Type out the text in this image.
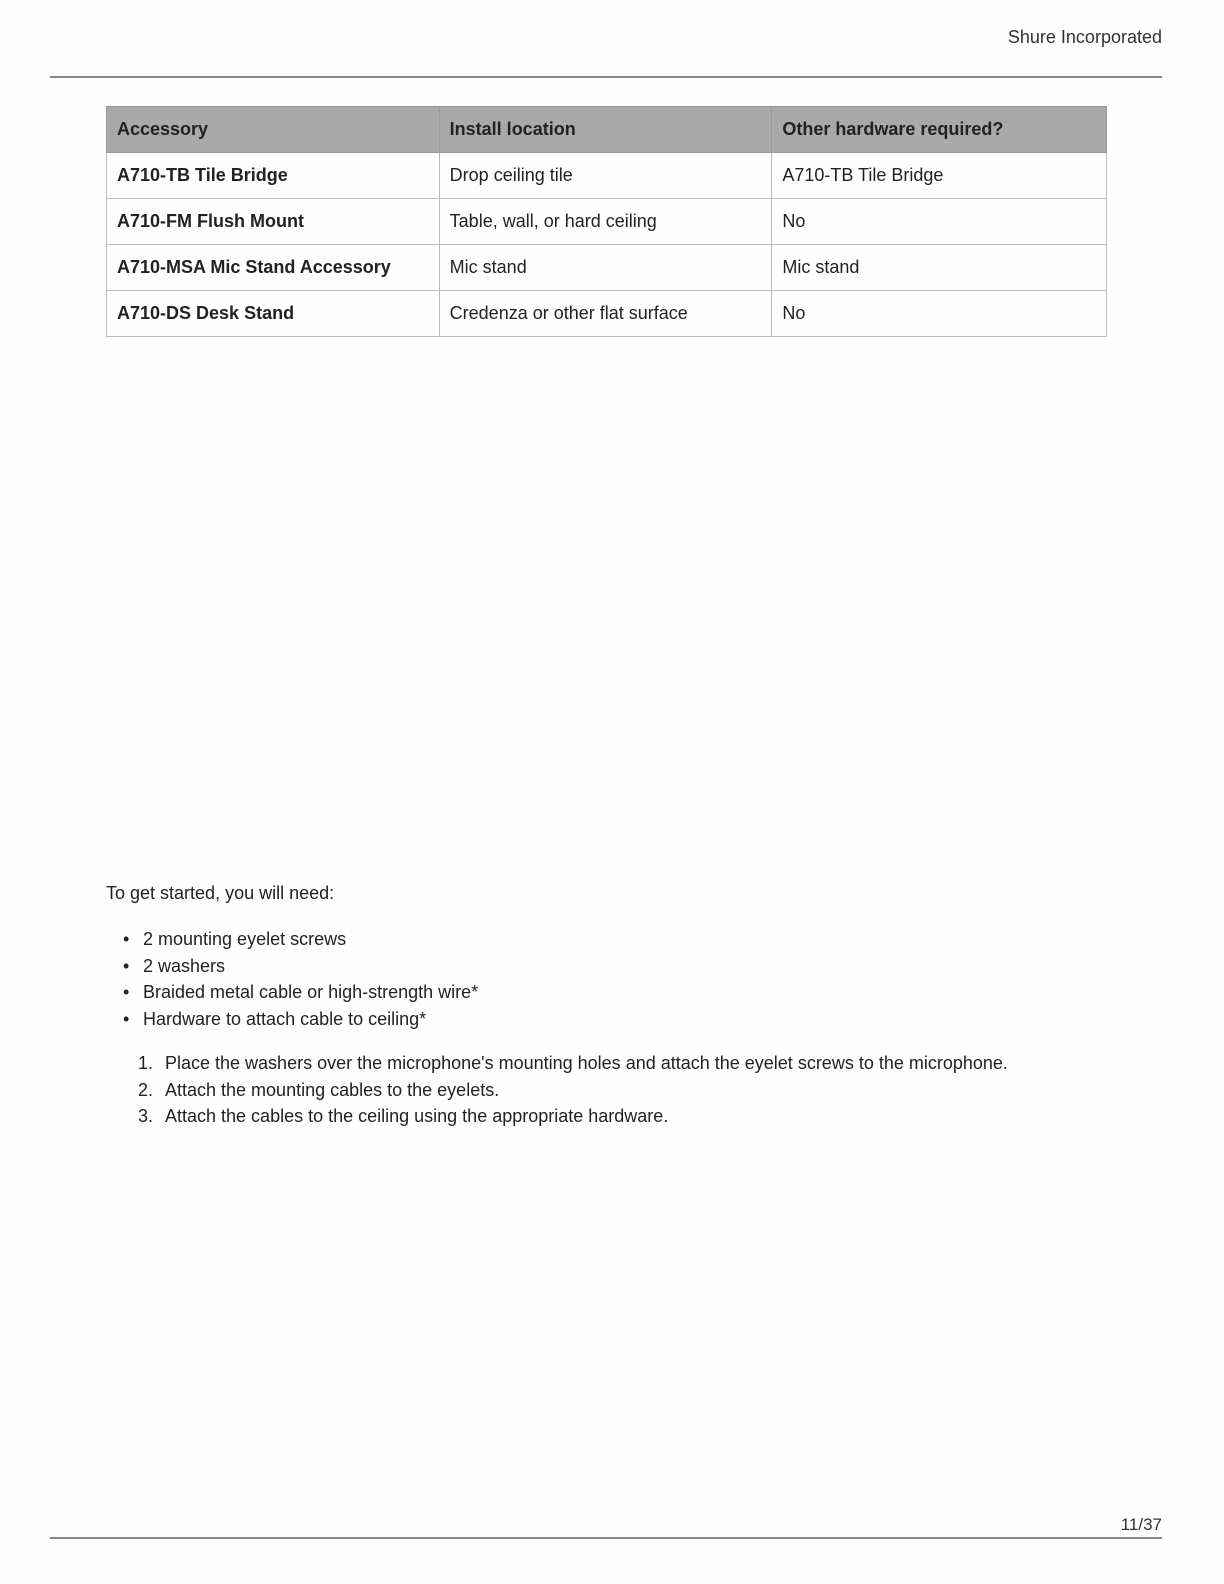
Shure Incorporated
Accessory	Install location	Other hardware required?
A710-TB Tile Bridge	Drop ceiling tile	A710-TB Tile Bridge
A710-FM Flush Mount	Table, wall, or hard ceiling	No
A710-MSA Mic Stand Accessory	Mic stand	Mic stand
A710-DS Desk Stand	Credenza or other flat surface	No

To get started, you will need:

• 2 mounting eyelet screws
• 2 washers
• Braided metal cable or high-strength wire*
• Hardware to attach cable to ceiling*
1. Place the washers over the microphone's mounting holes and attach the eyelet screws to the microphone.
2. Attach the mounting cables to the eyelets.
3. Attach the cables to the ceiling using the appropriate hardware.
11/37
